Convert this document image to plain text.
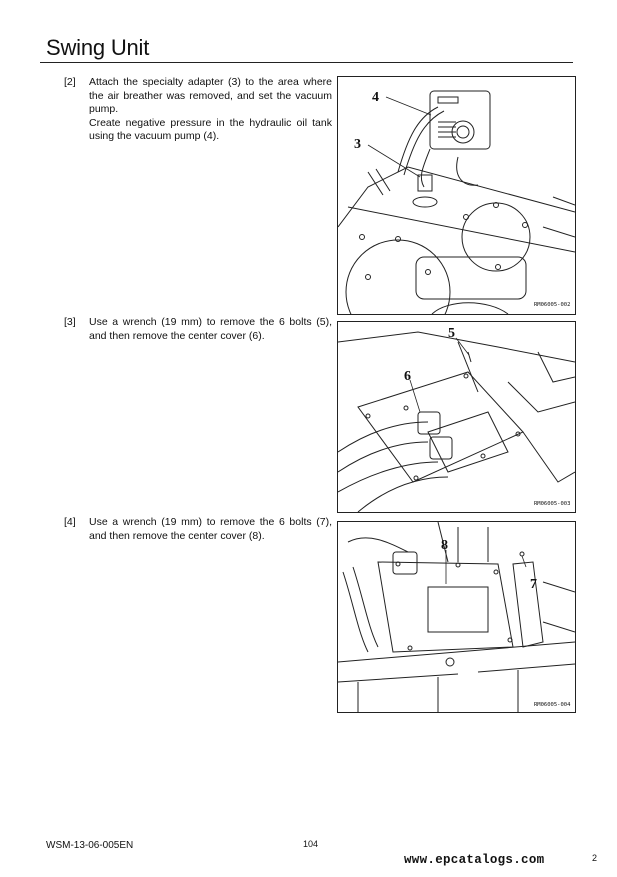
Swing Unit
[2] Attach the specialty adapter (3) to the area where the air breather was removed, and set the vacuum pump.

Create negative pressure in the hydraulic oil tank using the vacuum pump (4).

[3] Use a wrench (19 mm) to remove the 6 bolts (5), and then remove the center cover (6).

[4] Use a wrench (19 mm) to remove the 6 bolts (7), and then remove the center cover (8).

4
3
RM06005-002
5
6
RM06005-003
8
7
RM06005-004
WSM-13-06-005EN	104
www.epcatalogs.com	2
